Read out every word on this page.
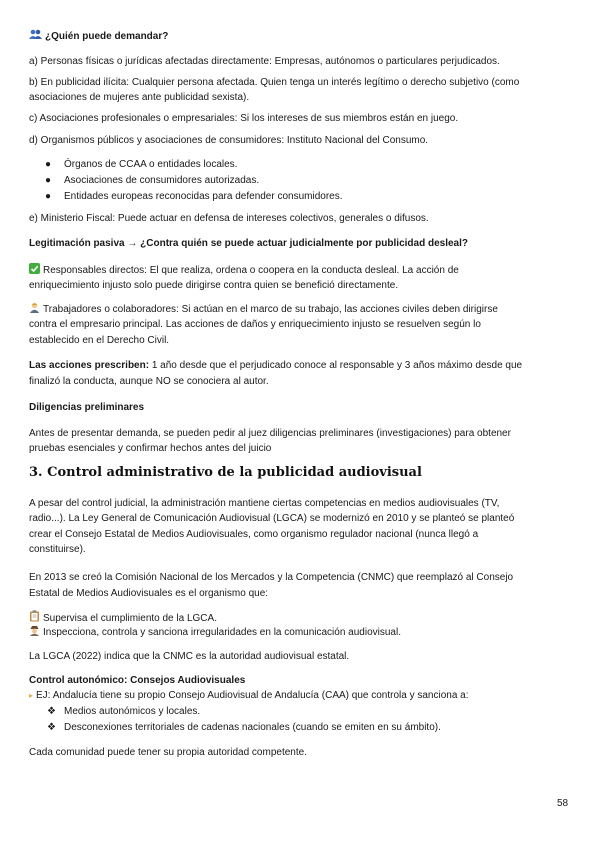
¿Quién puede demandar?
a) Personas físicas o jurídicas afectadas directamente: Empresas, autónomos o particulares perjudicados.
b) En publicidad ilícita: Cualquier persona afectada. Quien tenga un interés legítimo o derecho subjetivo (como
asociaciones de mujeres ante publicidad sexista).
c) Asociaciones profesionales o empresariales: Si los intereses de sus miembros están en juego.
d) Organismos públicos y asociaciones de consumidores: Instituto Nacional del Consumo.
● Órganos de CCAA o entidades locales.
● Asociaciones de consumidores autorizadas.
● Entidades europeas reconocidas para defender consumidores.
e) Ministerio Fiscal: Puede actuar en defensa de intereses colectivos, generales o difusos.
Legitimación pasiva → ¿Contra quién se puede actuar judicialmente por publicidad desleal?
Responsables directos: El que realiza, ordena o coopera en la conducta desleal. La acción de
enriquecimiento injusto solo puede dirigirse contra quien se benefició directamente.
Trabajadores o colaboradores: Si actúan en el marco de su trabajo, las acciones civiles deben dirigirse
contra el empresario principal. Las acciones de daños y enriquecimiento injusto se resuelven según lo
establecido en el Derecho Civil.
Las acciones prescriben: 1 año desde que el perjudicado conoce al responsable y 3 años máximo desde que
finalizó la conducta, aunque NO se conociera al autor.
Diligencias preliminares
Antes de presentar demanda, se pueden pedir al juez diligencias preliminares (investigaciones) para obtener
pruebas esenciales y confirmar hechos antes del juicio
3. Control administrativo de la publicidad audiovisual
A pesar del control judicial, la administración mantiene ciertas competencias en medios audiovisuales (TV,
radio...). La Ley General de Comunicación Audiovisual (LGCA) se modernizó en 2010 y se planteó se planteó
crear el Consejo Estatal de Medios Audiovisuales, como organismo regulador nacional (nunca llegó a
constituirse).
En 2013 se creó la Comisión Nacional de los Mercados y la Competencia (CNMC) que reemplazó al Consejo
Estatal de Medios Audiovisuales es el organismo que:
Supervisa el cumplimiento de la LGCA.
Inspecciona, controla y sanciona irregularidades en la comunicación audiovisual.
La LGCA (2022) indica que la CNMC es la autoridad audiovisual estatal.
Control autonómico: Consejos Audiovisuales
▸ EJ: Andalucía tiene su propio Consejo Audiovisual de Andalucía (CAA) que controla y sanciona a:
❖ Medios autonómicos y locales.
❖ Desconexiones territoriales de cadenas nacionales (cuando se emiten en su ámbito).
Cada comunidad puede tener su propia autoridad competente.
58
